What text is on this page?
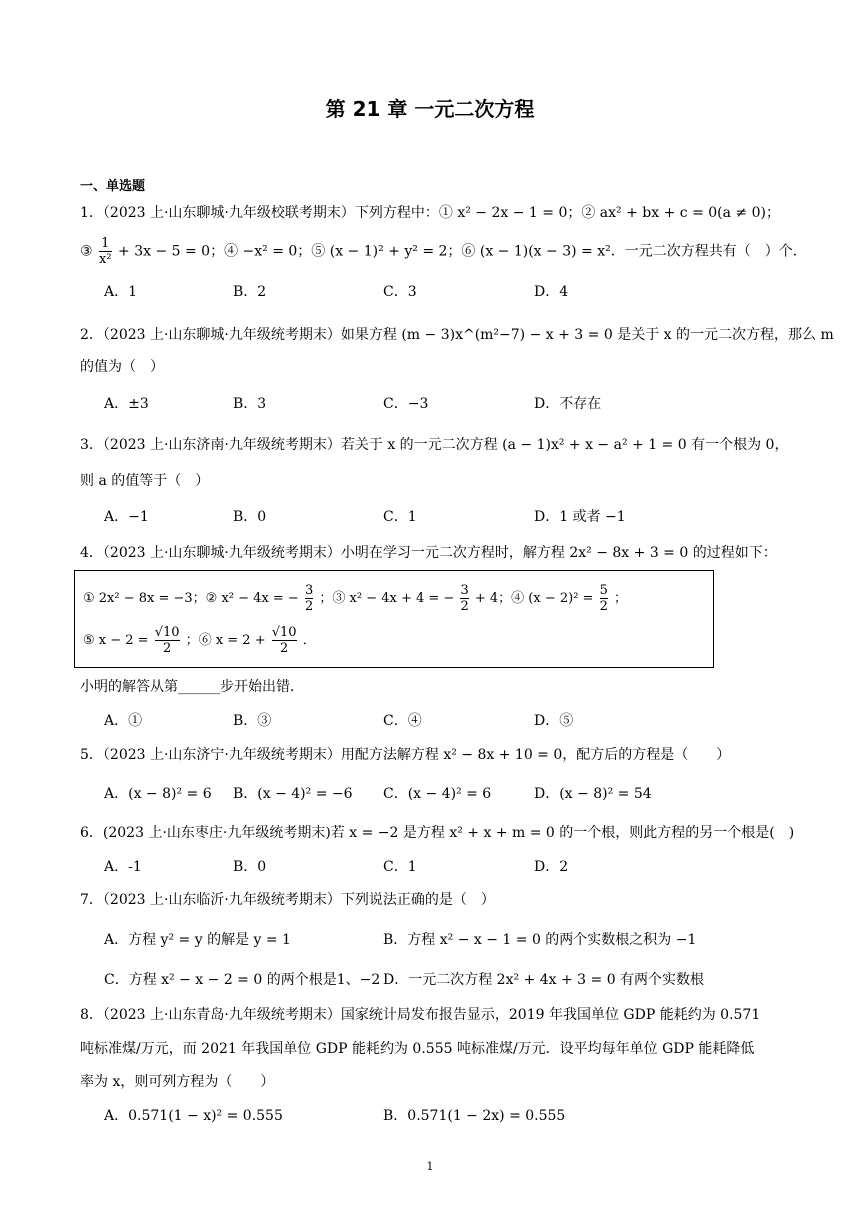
第 21 章 一元二次方程
一、单选题
1．（2023 上·山东聊城·九年级校联考期末）下列方程中：① x² − 2x − 1 = 0；② ax² + bx + c = 0(a ≠ 0)；
③ $\frac{1}{\text{x²}} + 3x - 5 = 0$；④ −x² = 0；⑤ (x − 1)² + y² = 2；⑥ (x − 1)(x − 3) = x²．一元二次方程共有（　）个．
A．1	B．2	C．3	D．4
2．（2023 上·山东聊城·九年级统考期末）如果方程 (m − 3)x^(m²−7) − x + 3 = 0 是关于 x 的一元二次方程，那么 m
的值为（　）
A．±3	B．3	C．−3	D．不存在
3．（2023 上·山东济南·九年级统考期末）若关于 x 的一元二次方程 (a − 1)x² + x − a² + 1 = 0 有一个根为 0，
则 a 的值等于（　）
A．−1	B．0	C．1	D．1 或者 −1
4．（2023 上·山东聊城·九年级统考期末）小明在学习一元二次方程时，解方程 2x² − 8x + 3 = 0 的过程如下：
① 2x² − 8x = −3；② x² − 4x = − $\frac{3}{2}$ ；③ x² − 4x + 4 = − $\frac{3}{2} + 4$；④ $(x - 2)^2 = \frac{5}{2}$ ；
⑤ $x - 2 = \frac{√10}{2}$ ；⑥ $x = 2 + \frac{√10}{2}$ ．
小明的解答从第______步开始出错．
A．①	B．③	C．④	D．⑤
5．（2023 上·山东济宁·九年级统考期末）用配方法解方程 x² − 8x + 10 = 0，配方后的方程是（　　）
A．(x − 8)² = 6 B．(x − 4)² = −6 C．(x − 4)² = 6	D．(x − 8)² = 54
6．(2023 上·山东枣庄·九年级统考期末)若 x = −2 是方程 x² + x + m = 0 的一个根，则此方程的另一个根是(　)
A．-1	B．0	C．1	D．2
7．（2023 上·山东临沂·九年级统考期末）下列说法正确的是（　）
A．方程 y² = y 的解是 y = 1	B．方程 x² − x − 1 = 0 的两个实数根之积为 −1
C．方程 x² − x − 2 = 0 的两个根是1、−2 D．一元二次方程 2x² + 4x + 3 = 0 有两个实数根
8．（2023 上·山东青岛·九年级统考期末）国家统计局发布报告显示，2019 年我国单位 GDP 能耗约为 0.571
吨标准煤/万元，而 2021 年我国单位 GDP 能耗约为 0.555 吨标准煤/万元．设平均每年单位 GDP 能耗降低
率为 x，则可列方程为（　　）
A．0.571(1 − x)² = 0.555	B．0.571(1 − 2x) = 0.555
1
